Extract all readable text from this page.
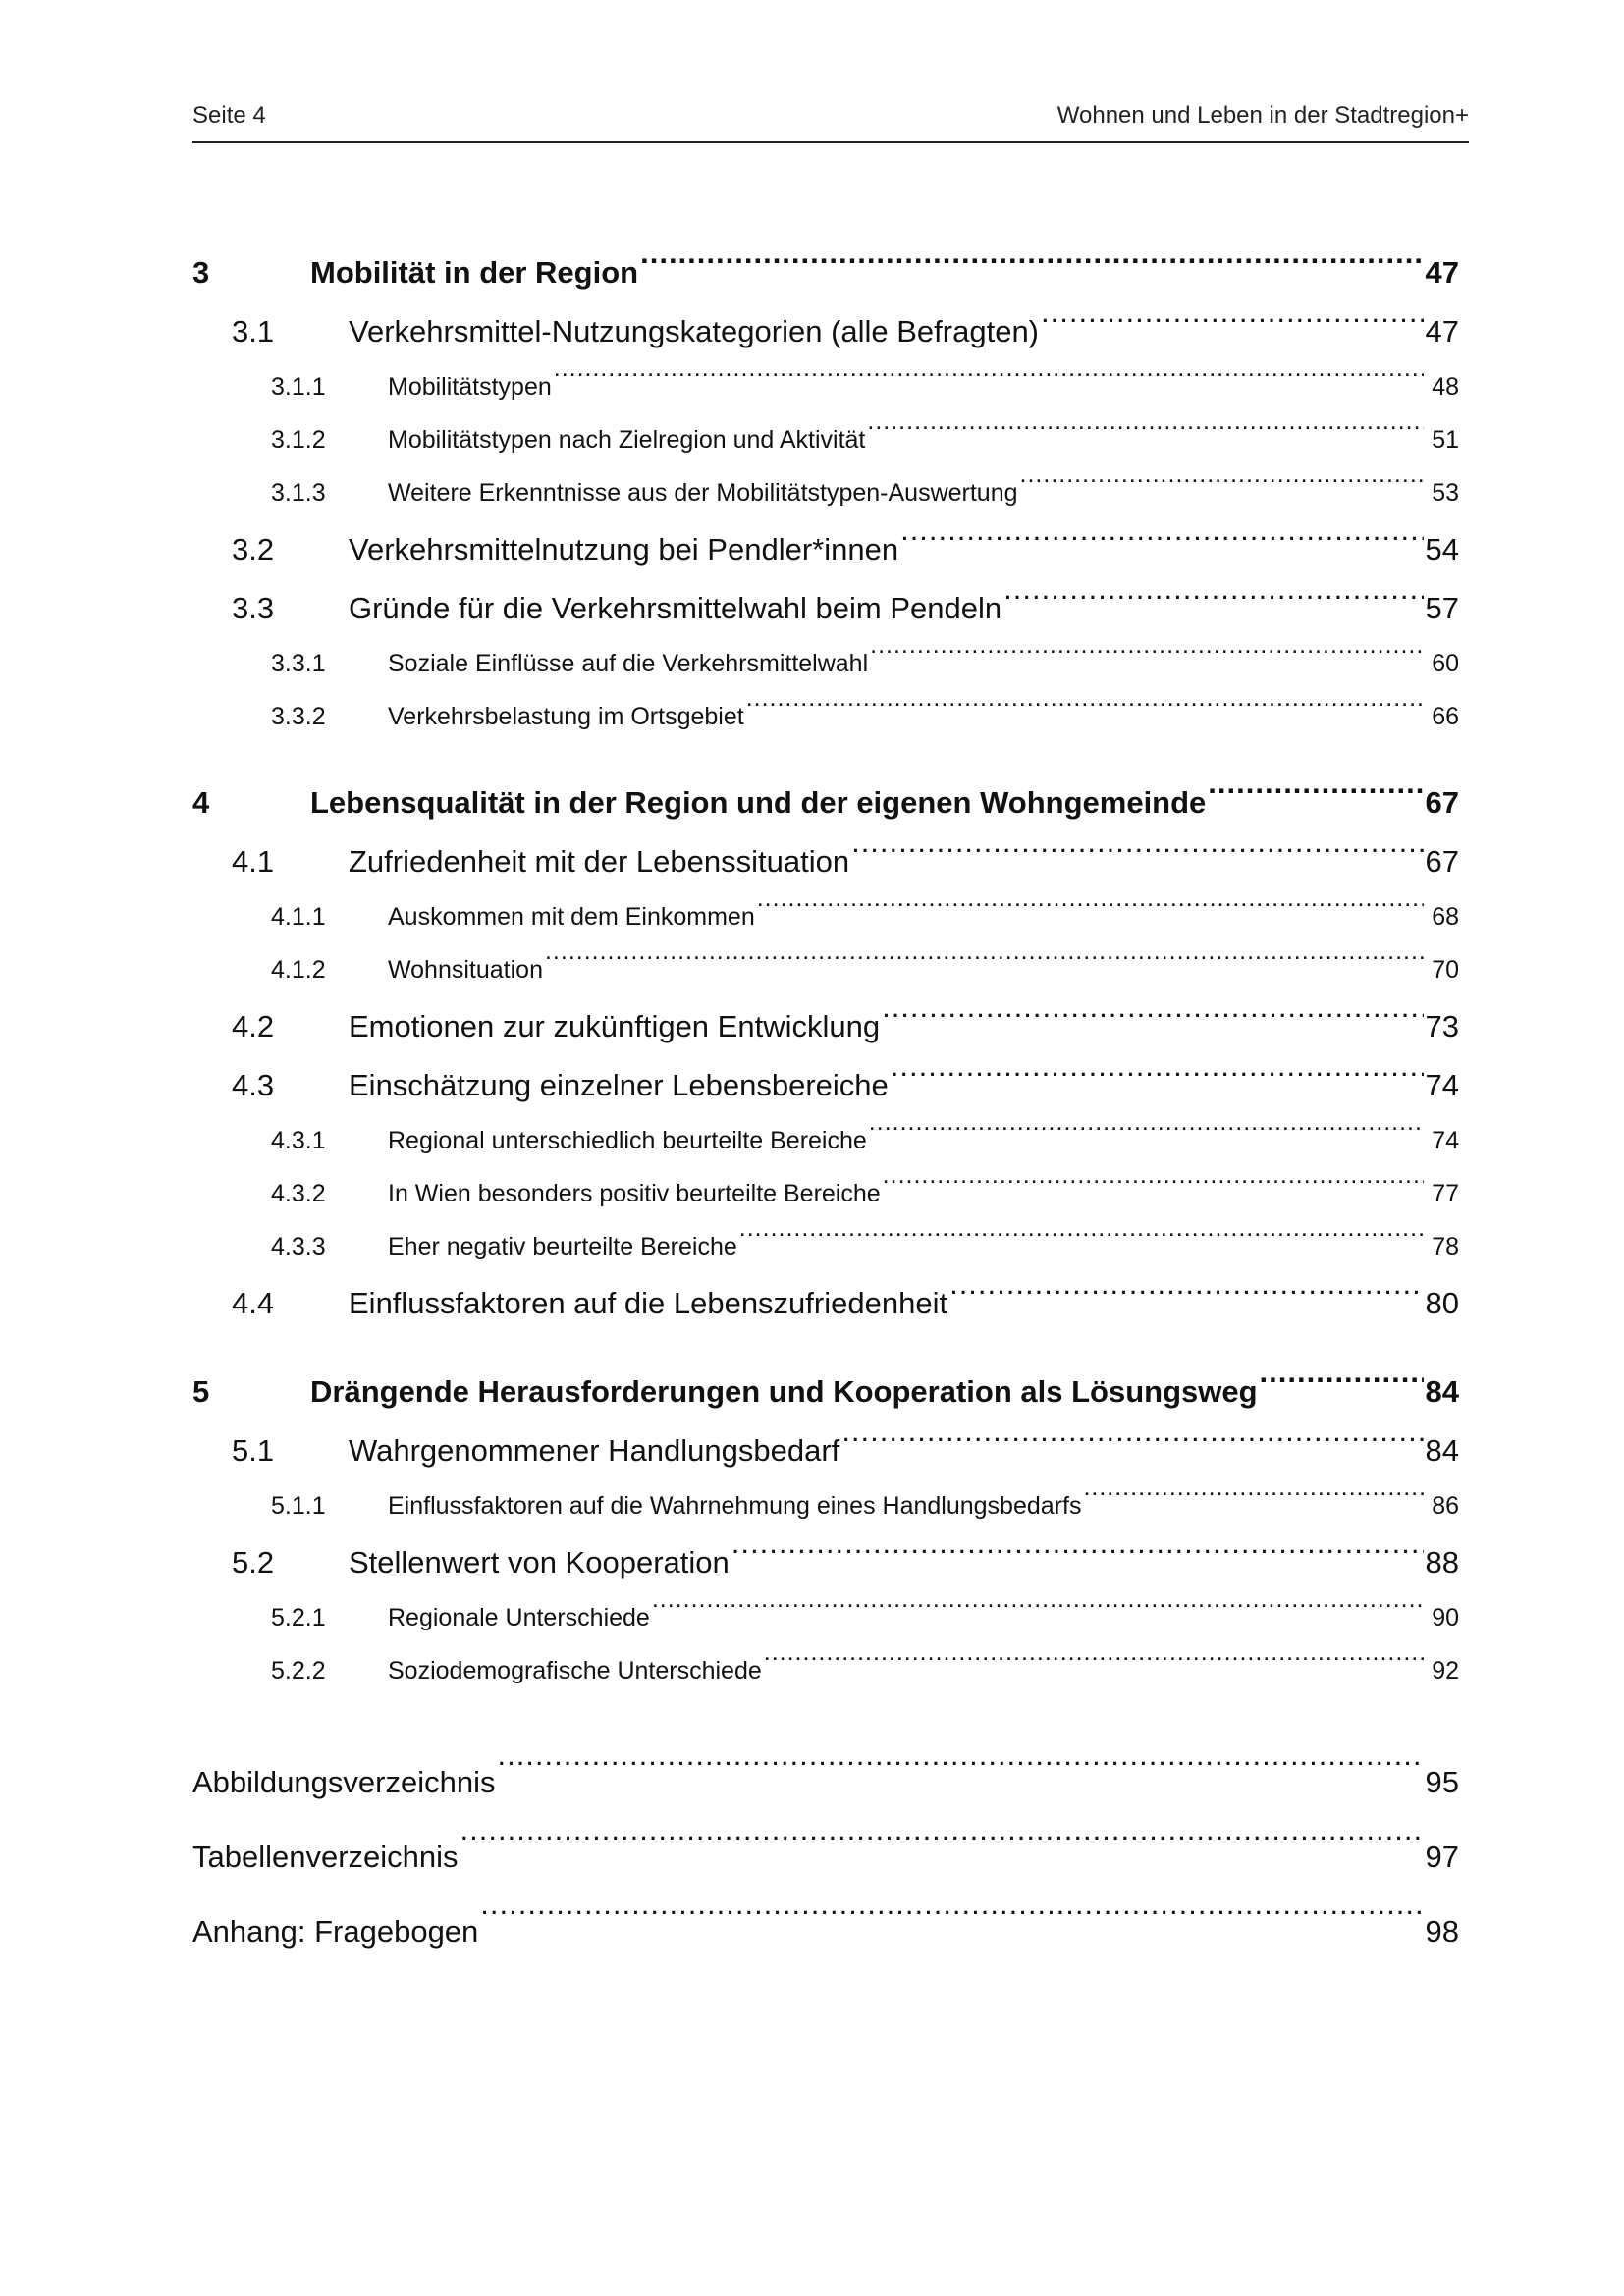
Seite 4	Wohnen und Leben in der Stadtregion+
3	Mobilität in der Region .....	47
3.1	Verkehrsmittel-Nutzungskategorien (alle Befragten) .....	47
3.1.1	Mobilitätstypen .....	48
3.1.2	Mobilitätstypen nach Zielregion und Aktivität .....	51
3.1.3	Weitere Erkenntnisse aus der Mobilitätstypen-Auswertung .....	53
3.2	Verkehrsmittelnutzung bei Pendler*innen .....	54
3.3	Gründe für die Verkehrsmittelwahl beim Pendeln .....	57
3.3.1	Soziale Einflüsse auf die Verkehrsmittelwahl .....	60
3.3.2	Verkehrsbelastung im Ortsgebiet .....	66
4	Lebensqualität in der Region und der eigenen Wohngemeinde .....	67
4.1	Zufriedenheit mit der Lebenssituation .....	67
4.1.1	Auskommen mit dem Einkommen .....	68
4.1.2	Wohnsituation .....	70
4.2	Emotionen zur zukünftigen Entwicklung .....	73
4.3	Einschätzung einzelner Lebensbereiche .....	74
4.3.1	Regional unterschiedlich beurteilte Bereiche .....	74
4.3.2	In Wien besonders positiv beurteilte Bereiche .....	77
4.3.3	Eher negativ beurteilte Bereiche .....	78
4.4	Einflussfaktoren auf die Lebenszufriedenheit .....	80
5	Drängende Herausforderungen und Kooperation als Lösungsweg .....	84
5.1	Wahrgenommener Handlungsbedarf .....	84
5.1.1	Einflussfaktoren auf die Wahrnehmung eines Handlungsbedarfs .....	86
5.2	Stellenwert von Kooperation .....	88
5.2.1	Regionale Unterschiede .....	90
5.2.2	Soziodemografische Unterschiede .....	92
Abbildungsverzeichnis .....	95
Tabellenverzeichnis .....	97
Anhang: Fragebogen .....	98
